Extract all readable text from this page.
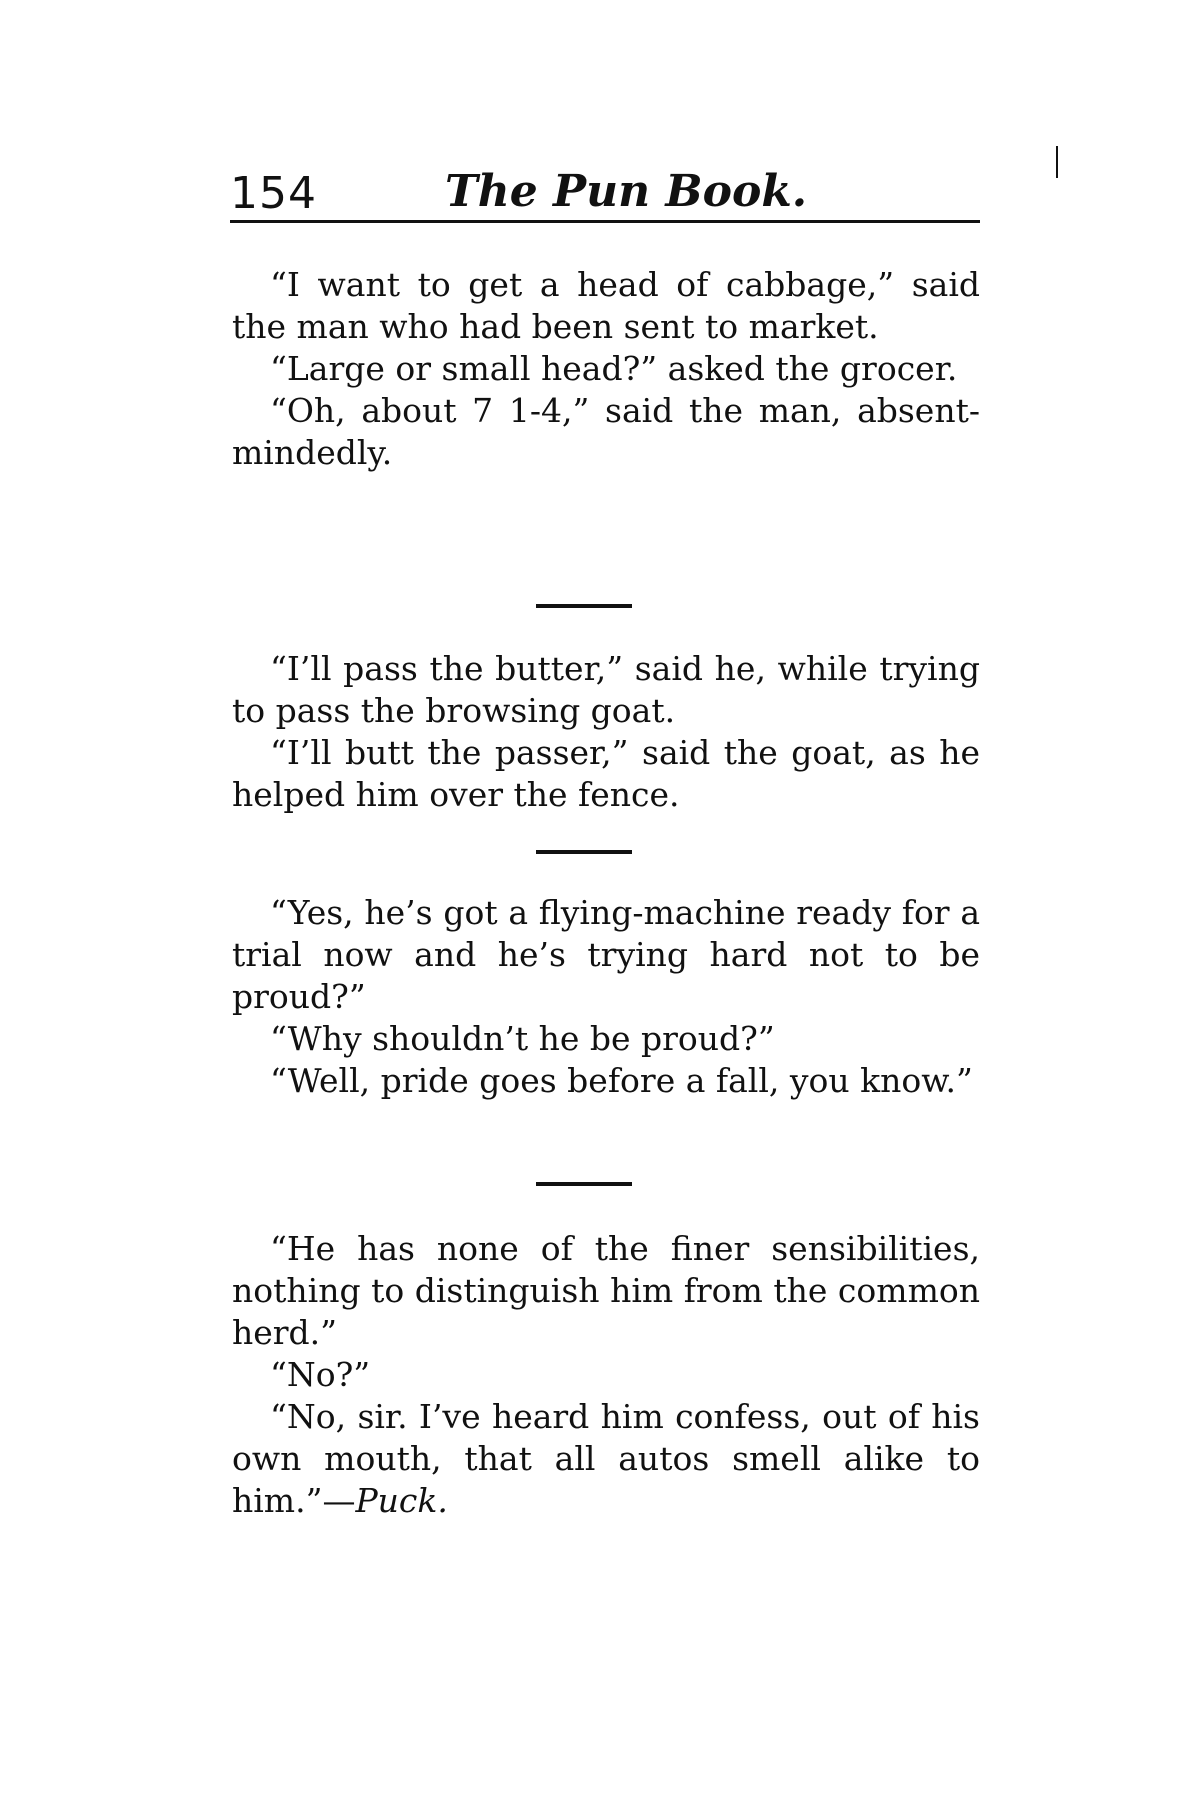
154	The Pun Book.

“I want to get a head of cabbage,” said the man who had been sent to market.

“Large or small head?” asked the grocer.

“Oh, about 7 1-4,” said the man, absent-mindedly.

“I’ll pass the butter,” said he, while trying to pass the browsing goat.

“I’ll butt the passer,” said the goat, as he helped him over the fence.

“Yes, he’s got a flying-machine ready for a trial now and he’s trying hard not to be proud?”

“Why shouldn’t he be proud?”

“Well, pride goes before a fall, you know.”

“He has none of the finer sensibilities, nothing to distinguish him from the common herd.”

“No?”

“No, sir. I’ve heard him confess, out of his own mouth, that all autos smell alike to him.”—Puck.
